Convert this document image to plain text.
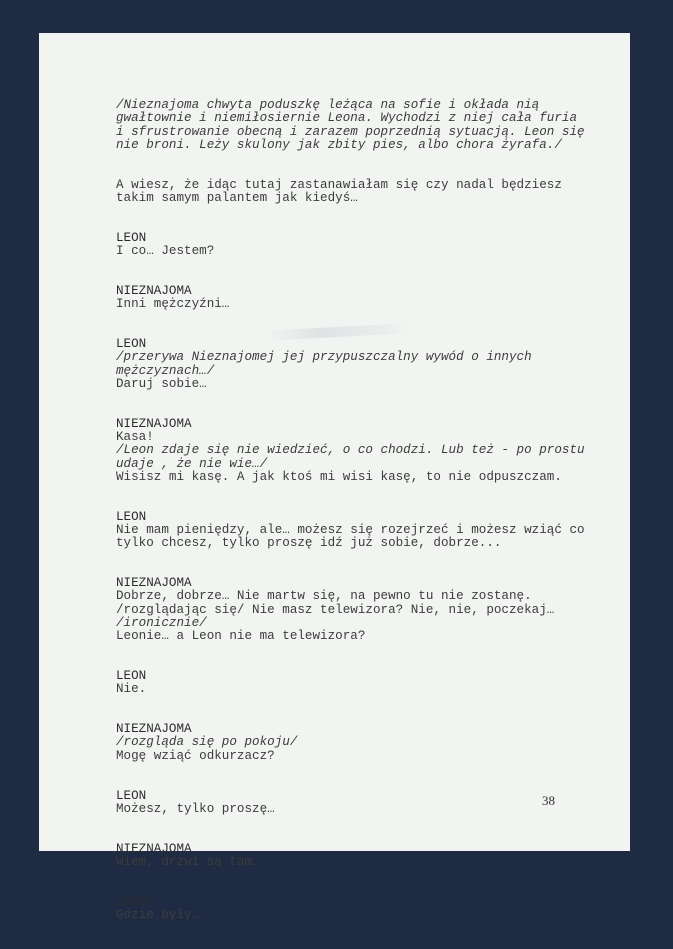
/Nieznajoma chwyta poduszkę leżąca na sofie i okłada nią
gwałtownie i niemiłosiernie Leona. Wychodzi z niej cała furia
i sfrustrowanie obecną i zarazem poprzednią sytuacją. Leon się
nie broni. Leży skulony jak zbity pies, albo chora żyrafa./
A wiesz, że idąc tutaj zastanawiałam się czy nadal będziesz
takim samym palantem jak kiedyś…
LEON
I co… Jestem?
NIEZNAJOMA
Inni mężczyźni…
LEON
/przerywa Nieznajomej jej przypuszczalny wywód o innych
mężczyznach…/
Daruj sobie…
NIEZNAJOMA
Kasa!
/Leon zdaje się nie wiedzieć, o co chodzi. Lub też - po prostu
udaje , że nie wie…/
Wisisz mi kasę. A jak ktoś mi wisi kasę, to nie odpuszczam.
LEON
Nie mam pieniędzy, ale… możesz się rozejrzeć i możesz wziąć co
tylko chcesz, tylko proszę idź już sobie, dobrze...
NIEZNAJOMA
Dobrze, dobrze… Nie martw się, na pewno tu nie zostanę.
/rozglądając się/ Nie masz telewizora? Nie, nie, poczekaj…
/ironicznie/
Leonie… a Leon nie ma telewizora?
LEON
Nie.
NIEZNAJOMA
/rozgląda się po pokoju/
Mogę wziąć odkurzacz?
LEON
Możesz, tylko proszę…
NIEZNAJOMA
Wiem, drzwi są tam…
LEON
Gdzie były…
38
